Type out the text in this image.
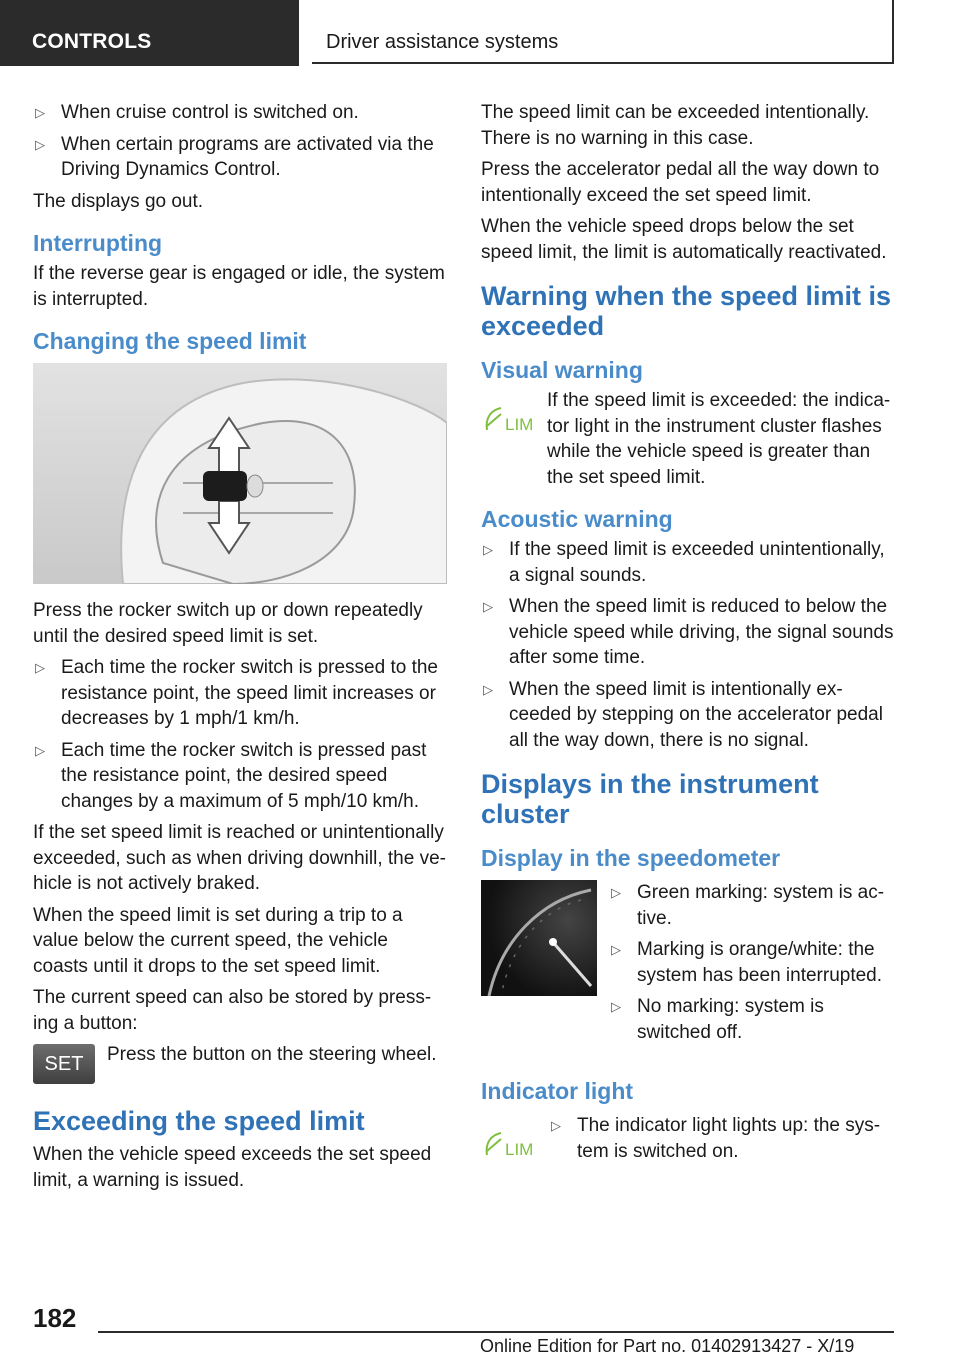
CONTROLS	Driver assistance systems
▷ When cruise control is switched on.
▷ When certain programs are activated via the Driving Dynamics Control.

The displays go out.

Interrupting

If the reverse gear is engaged or idle, the system is interrupted.

Changing the speed limit

Press the rocker switch up or down repeatedly until the desired speed limit is set.

▷ Each time the rocker switch is pressed to the resistance point, the speed limit increases or decreases by 1 mph/1 km/h.
▷ Each time the rocker switch is pressed past the resistance point, the desired speed changes by a maximum of 5 mph/10 km/h.

If the set speed limit is reached or unintentionally exceeded, such as when driving downhill, the ve‐ hicle is not actively braked.

When the speed limit is set during a trip to a value below the current speed, the vehicle coasts until it drops to the set speed limit.

The current speed can also be stored by press‐ ing a button:

SET	Press the button on the steering wheel.

Exceeding the speed limit

When the vehicle speed exceeds the set speed limit, a warning is issued.

The speed limit can be exceeded intentionally. There is no warning in this case.

Press the accelerator pedal all the way down to intentionally exceed the set speed limit.

When the vehicle speed drops below the set speed limit, the limit is automatically reactivated.

Warning when the speed limit is exceeded
Visual warning
LIM

If the speed limit is exceeded: the indica‐ tor light in the instrument cluster flashes while the vehicle speed is greater than the set speed limit.

Acoustic warning
▷ If the speed limit is exceeded unintentionally, a signal sounds.
▷ When the speed limit is reduced to below the vehicle speed while driving, the signal sounds after some time.
▷ When the speed limit is intentionally ex‐ ceeded by stepping on the accelerator pedal all the way down, there is no signal.
Displays in the instrument cluster
Display in the speedometer
▷ Green marking: system is ac‐ tive.
▷ Marking is orange/white: the system has been interrupted.
▷ No marking: system is switched off.
Indicator light
LIM
▷ The indicator light lights up: the sys‐ tem is switched on.
182
Online Edition for Part no. 01402913427 - X/19
